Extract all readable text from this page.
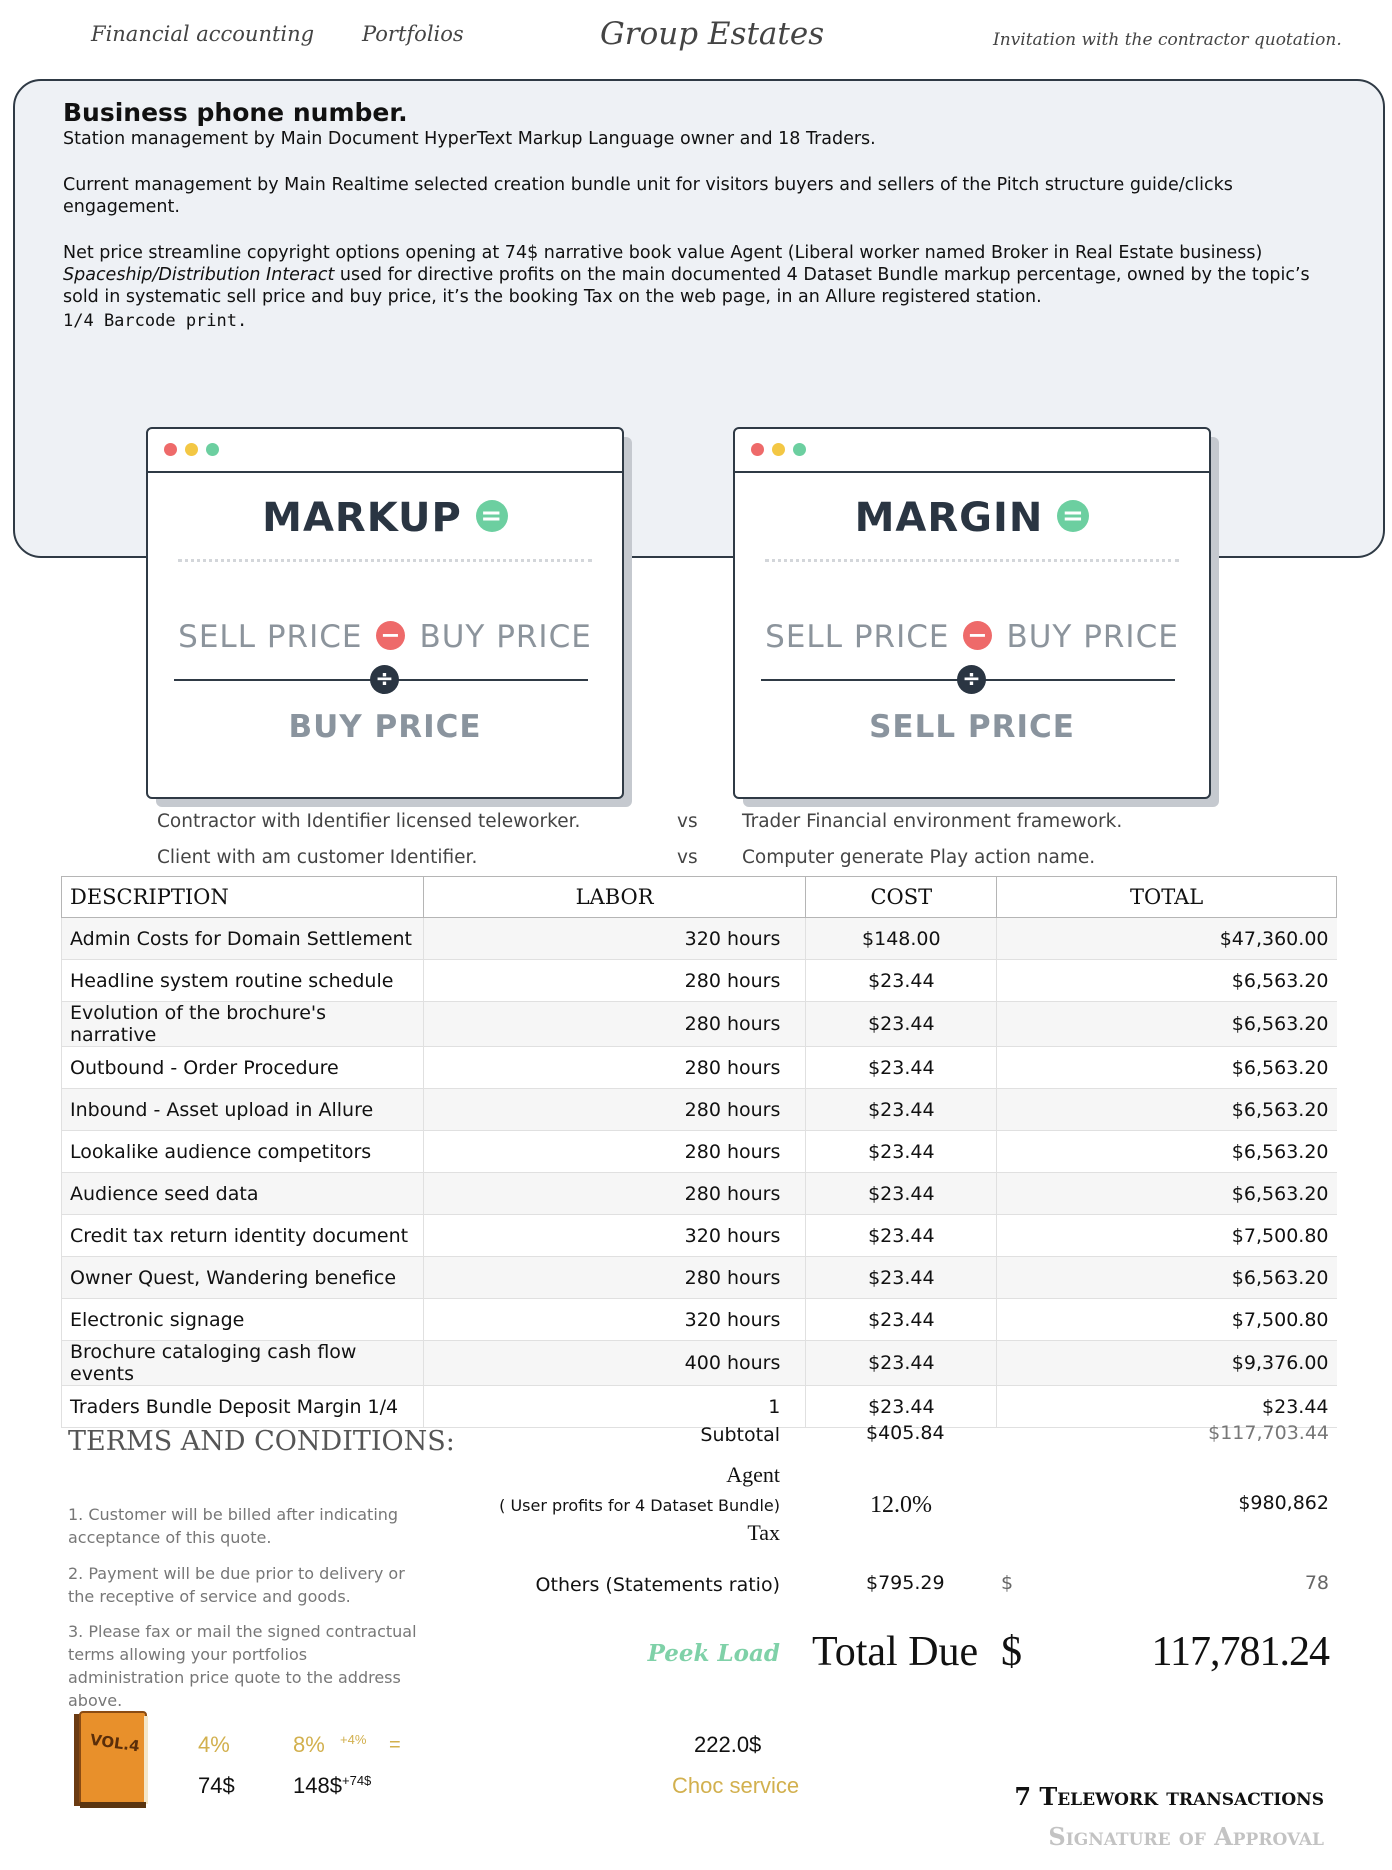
Financial accounting Portfolios	Group Estates	Invitation with the contractor quotation.
Business phone number.
Station management by Main Document HyperText Markup Language owner and 18 Traders.
Current management by Main Realtime selected creation bundle unit for visitors buyers and sellers of the Pitch structure guide/clicks engagement.
Net price streamline copyright options opening at 74$ narrative book value Agent (Liberal worker named Broker in Real Estate business)
Spaceship/Distribution Interact used for directive profits on the main documented 4 Dataset Bundle markup percentage, owned by the topic’s sold in systematic sell price and buy price, it’s the booking Tax on the web page, in an Allure registered station.
1/4 Barcode print.
MARKUP =
SELL PRICE − BUY PRICE
÷
BUY PRICE
MARGIN =
SELL PRICE − BUY PRICE
÷
SELL PRICE
Contractor with Identifier licensed teleworker.	vs Trader Financial environment framework.
Client with am customer Identifier.	vs Computer generate Play action name.
DESCRIPTION	LABOR	COST	TOTAL
Admin Costs for Domain Settlement	320 hours	$148.00	$47,360.00
Headline system routine schedule	280 hours	$23.44	$6,563.20
Evolution of the brochure's narrative	280 hours	$23.44	$6,563.20
Outbound - Order Procedure	280 hours	$23.44	$6,563.20
Inbound - Asset upload in Allure	280 hours	$23.44	$6,563.20
Lookalike audience competitors	280 hours	$23.44	$6,563.20
Audience seed data	280 hours	$23.44	$6,563.20
Credit tax return identity document	320 hours	$23.44	$7,500.80
Owner Quest, Wandering benefice	280 hours	$23.44	$6,563.20
Electronic signage	320 hours	$23.44	$7,500.80
Brochure cataloging cash flow events	400 hours	$23.44	$9,376.00
Traders Bundle Deposit Margin 1/4	1	$23.44	$23.44
TERMS AND CONDITIONS:
1. Customer will be billed after indicating acceptance of this quote.
2. Payment will be due prior to delivery or the receptive of service and goods.
3. Please fax or mail the signed contractual terms allowing your portfolios administration price quote to the address above.
Subtotal	$405.84	$117,703.44
Agent
( User profits for 4 Dataset Bundle)
Tax
12.0%	$980,862
Others (Statements ratio)	$795.29	$	78
Peek Load Total Due $	117,781.24
VOL.4	4%	8% +4% =
74$	148$ +74$
222.0$
Choc service	7 Telework transactions
Signature of Approval
